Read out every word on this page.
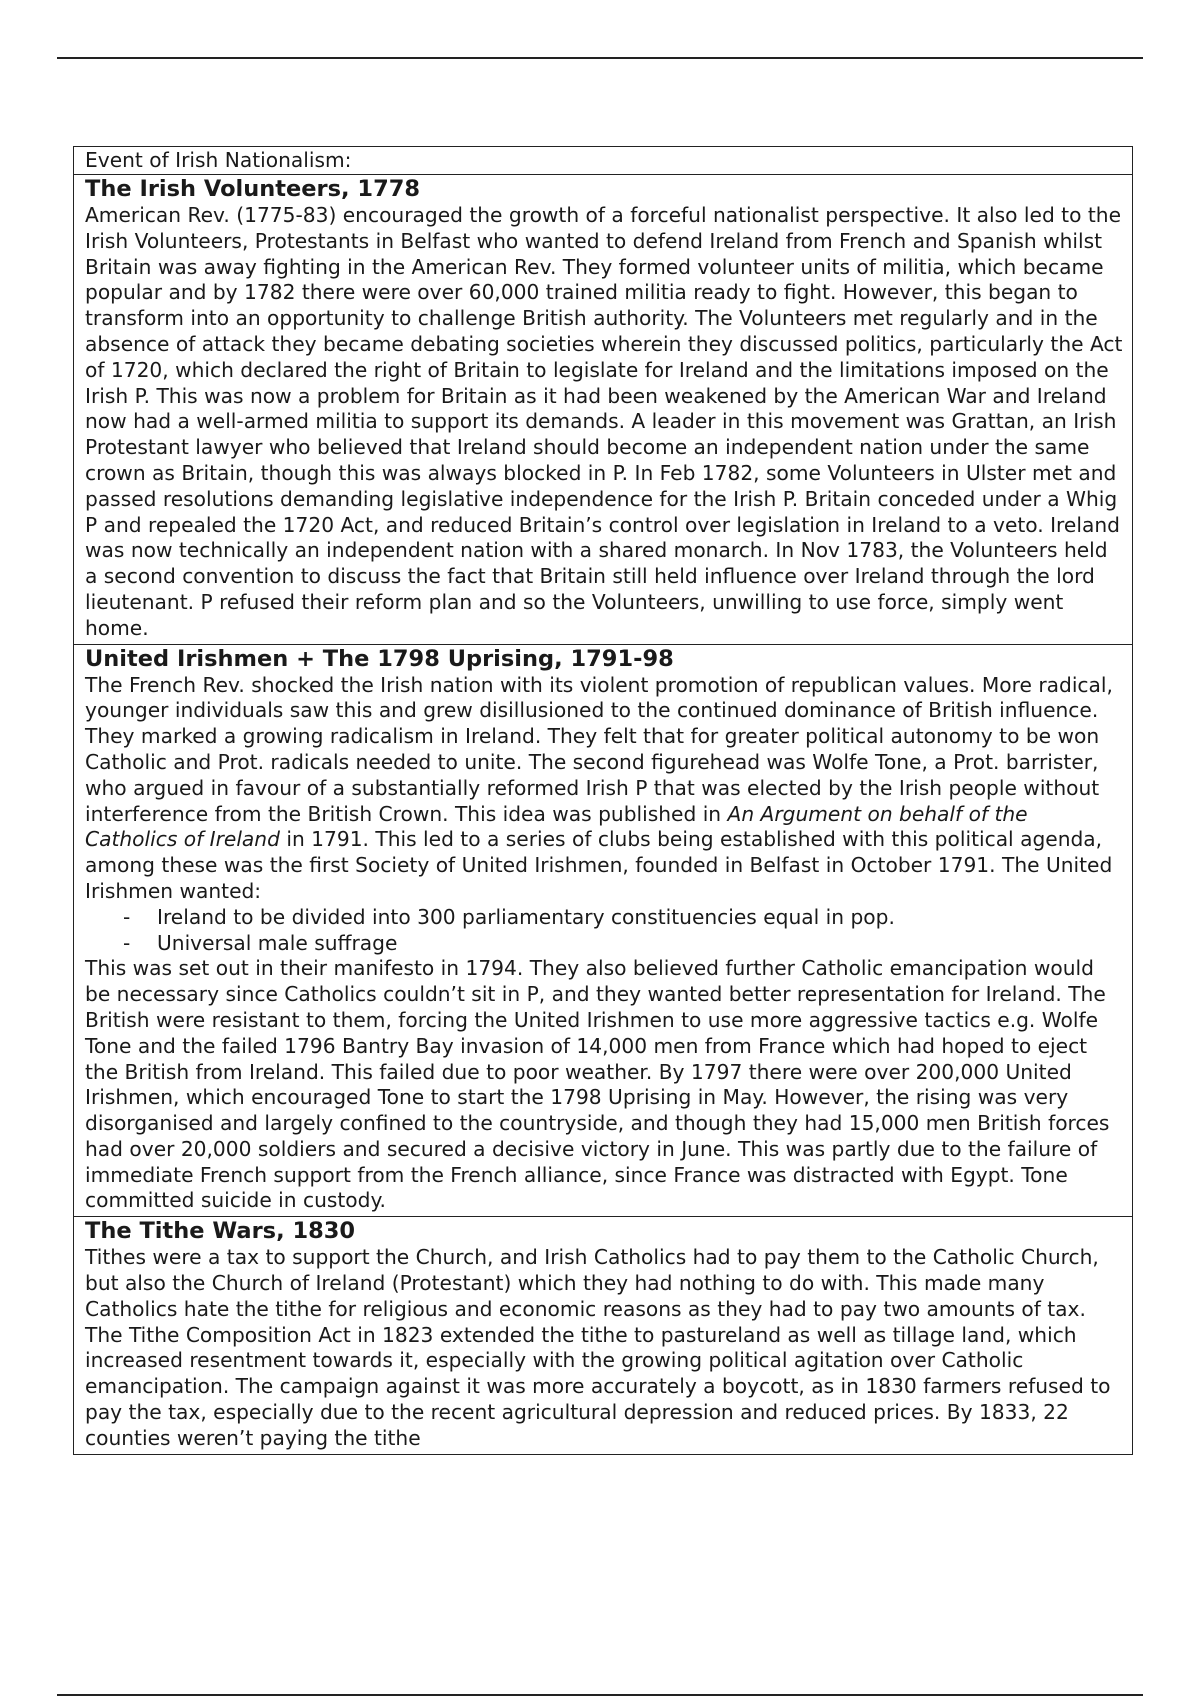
Event of Irish Nationalism:
The Irish Volunteers, 1778

American Rev. (1775-83) encouraged the growth of a forceful nationalist perspective. It also led to the Irish Volunteers, Protestants in Belfast who wanted to defend Ireland from French and Spanish whilst Britain was away fighting in the American Rev. They formed volunteer units of militia, which became popular and by 1782 there were over 60,000 trained militia ready to fight. However, this began to transform into an opportunity to challenge British authority. The Volunteers met regularly and in the absence of attack they became debating societies wherein they discussed politics, particularly the Act of 1720, which declared the right of Britain to legislate for Ireland and the limitations imposed on the Irish P. This was now a problem for Britain as it had been weakened by the American War and Ireland now had a well-armed militia to support its demands. A leader in this movement was Grattan, an Irish Protestant lawyer who believed that Ireland should become an independent nation under the same crown as Britain, though this was always blocked in P. In Feb 1782, some Volunteers in Ulster met and passed resolutions demanding legislative independence for the Irish P. Britain conceded under a Whig P and repealed the 1720 Act, and reduced Britain’s control over legislation in Ireland to a veto. Ireland was now technically an independent nation with a shared monarch. In Nov 1783, the Volunteers held a second convention to discuss the fact that Britain still held influence over Ireland through the lord lieutenant. P refused their reform plan and so the Volunteers, unwilling to use force, simply went home.

United Irishmen + The 1798 Uprising, 1791-98

The French Rev. shocked the Irish nation with its violent promotion of republican values. More radical, younger individuals saw this and grew disillusioned to the continued dominance of British influence. They marked a growing radicalism in Ireland. They felt that for greater political autonomy to be won Catholic and Prot. radicals needed to unite. The second figurehead was Wolfe Tone, a Prot. barrister, who argued in favour of a substantially reformed Irish P that was elected by the Irish people without interference from the British Crown. This idea was published in An Argument on behalf of the Catholics of Ireland in 1791. This led to a series of clubs being established with this political agenda, among these was the first Society of United Irishmen, founded in Belfast in October 1791. The United Irishmen wanted:

- Ireland to be divided into 300 parliamentary constituencies equal in pop.
- Universal male suffrage

This was set out in their manifesto in 1794. They also believed further Catholic emancipation would be necessary since Catholics couldn’t sit in P, and they wanted better representation for Ireland. The British were resistant to them, forcing the United Irishmen to use more aggressive tactics e.g. Wolfe Tone and the failed 1796 Bantry Bay invasion of 14,000 men from France which had hoped to eject the British from Ireland. This failed due to poor weather. By 1797 there were over 200,000 United Irishmen, which encouraged Tone to start the 1798 Uprising in May. However, the rising was very disorganised and largely confined to the countryside, and though they had 15,000 men British forces had over 20,000 soldiers and secured a decisive victory in June. This was partly due to the failure of immediate French support from the French alliance, since France was distracted with Egypt. Tone committed suicide in custody.

The Tithe Wars, 1830

Tithes were a tax to support the Church, and Irish Catholics had to pay them to the Catholic Church, but also the Church of Ireland (Protestant) which they had nothing to do with. This made many Catholics hate the tithe for religious and economic reasons as they had to pay two amounts of tax. The Tithe Composition Act in 1823 extended the tithe to pastureland as well as tillage land, which increased resentment towards it, especially with the growing political agitation over Catholic emancipation. The campaign against it was more accurately a boycott, as in 1830 farmers refused to pay the tax, especially due to the recent agricultural depression and reduced prices. By 1833, 22 counties weren’t paying the tithe
